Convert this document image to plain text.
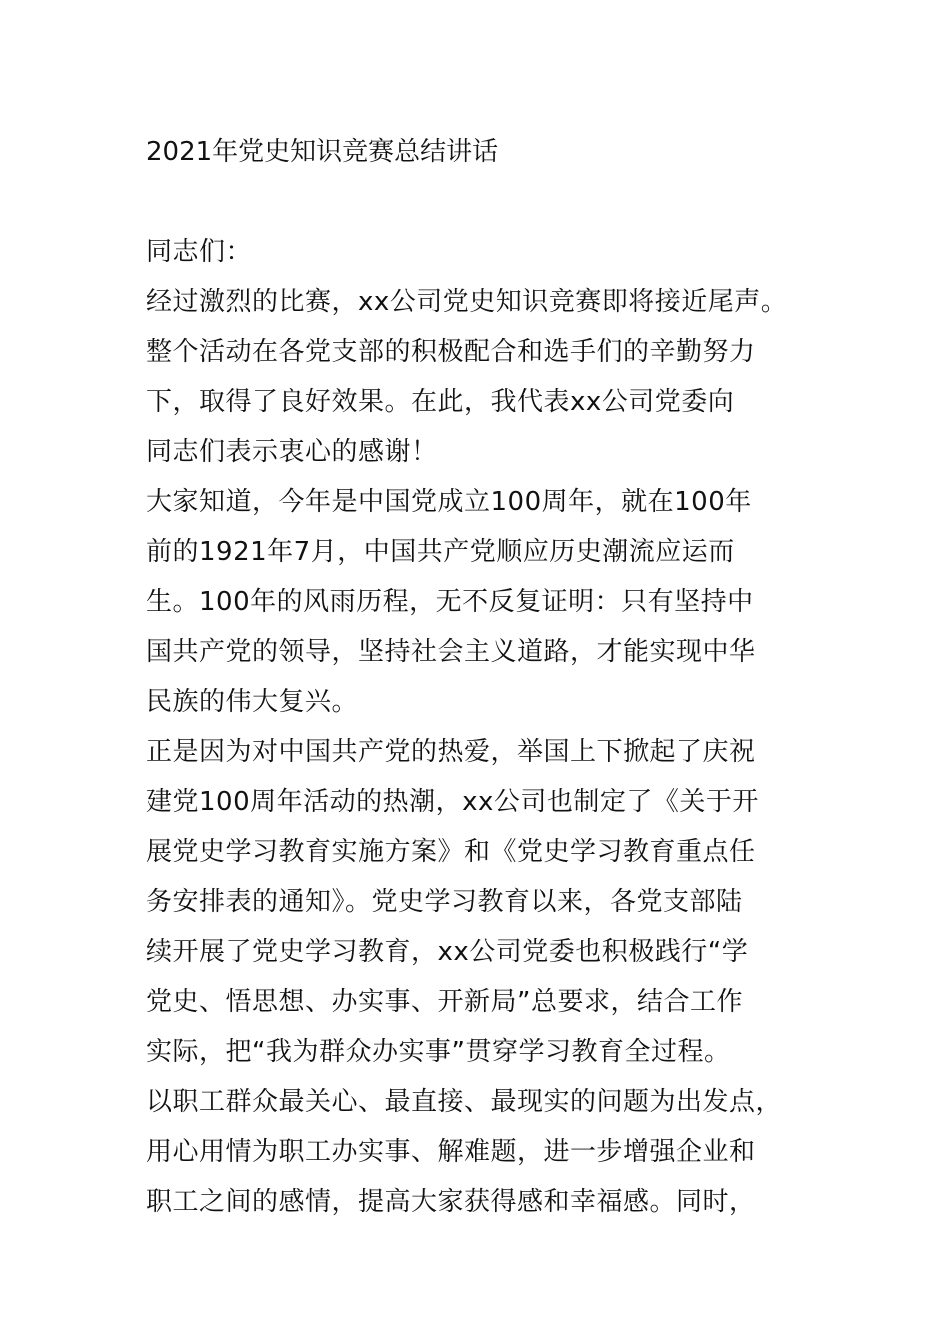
2021年党史知识竞赛总结讲话
同志们：
经过激烈的比赛，xx公司党史知识竞赛即将接近尾声。
整个活动在各党支部的积极配合和选手们的辛勤努力
下，取得了良好效果。在此，我代表xx公司党委向
同志们表示衷心的感谢！
大家知道，今年是中国党成立100周年，就在100年
前的1921年7月，中国共产党顺应历史潮流应运而
生。100年的风雨历程，无不反复证明：只有坚持中
国共产党的领导，坚持社会主义道路，才能实现中华
民族的伟大复兴。
正是因为对中国共产党的热爱，举国上下掀起了庆祝
建党100周年活动的热潮，xx公司也制定了《关于开
展党史学习教育实施方案》和《党史学习教育重点任
务安排表的通知》。党史学习教育以来，各党支部陆
续开展了党史学习教育，xx公司党委也积极践行“学
党史、悟思想、办实事、开新局”总要求，结合工作
实际，把“我为群众办实事”贯穿学习教育全过程。
以职工群众最关心、最直接、最现实的问题为出发点，
用心用情为职工办实事、解难题，进一步增强企业和
职工之间的感情，提高大家获得感和幸福感。同时，
